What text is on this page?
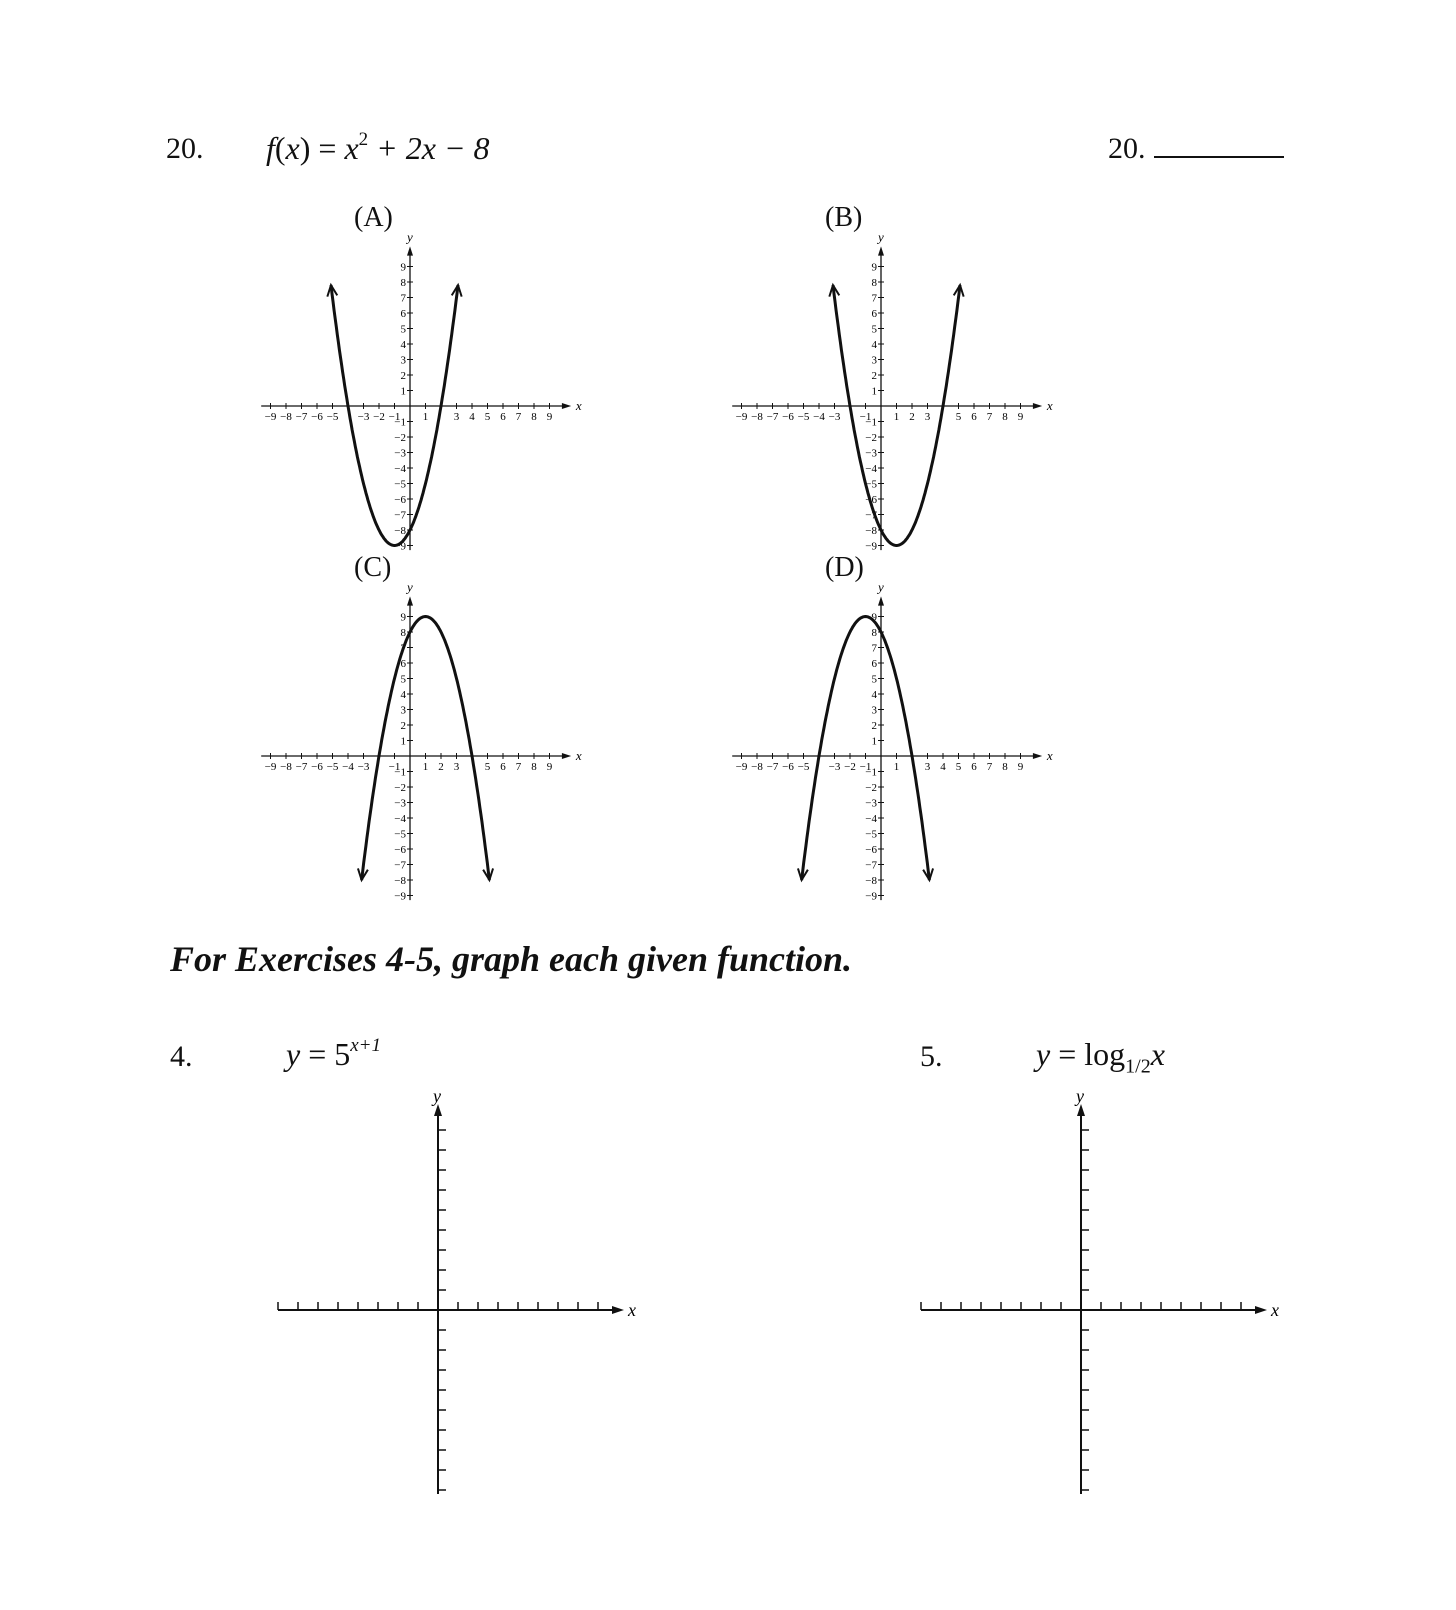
20. $f(x) = x^2 + 2x - 8$	20.
(A)	(B)
(C)	(D)
x
y
−9
−9
−8
−8
−7
−7
−6
−6
−5
−5
−4
−3
−3
−2
−2
−1
−1 1
1
2
3
3
4
4
5
5
6
6
7
7
8
8
9
9
x
y
−9
−9
−8
−8
−7
−7
−6
−6
−5
−5
−4
−4
−3
−3
−2
−1
−1 1
1
2
2
3
3
4
5
5
6
6
7
7
8
8
9
9
x
y
−9
−9
−8
−8
−7
−7
−6
−6
−5
−5
−4
−4
−3
−3
−2
−1
−1 1
1
2
2
3
3
4
5
5
6
6
7
7
8
8
9
9
x
y
−9
−9
−8
−8
−7
−7
−6
−6
−5
−5
−4
−3
−3
−2
−2
−1
−1 1
1
2
3
3
4
4
5
5
6
6
7
7
8
8
9
9
For Exercises 4-5, graph each given function.
4.	$y = 5^{x+1}$	5.	$y = \log_{1/2}x$
x
y
x
y
